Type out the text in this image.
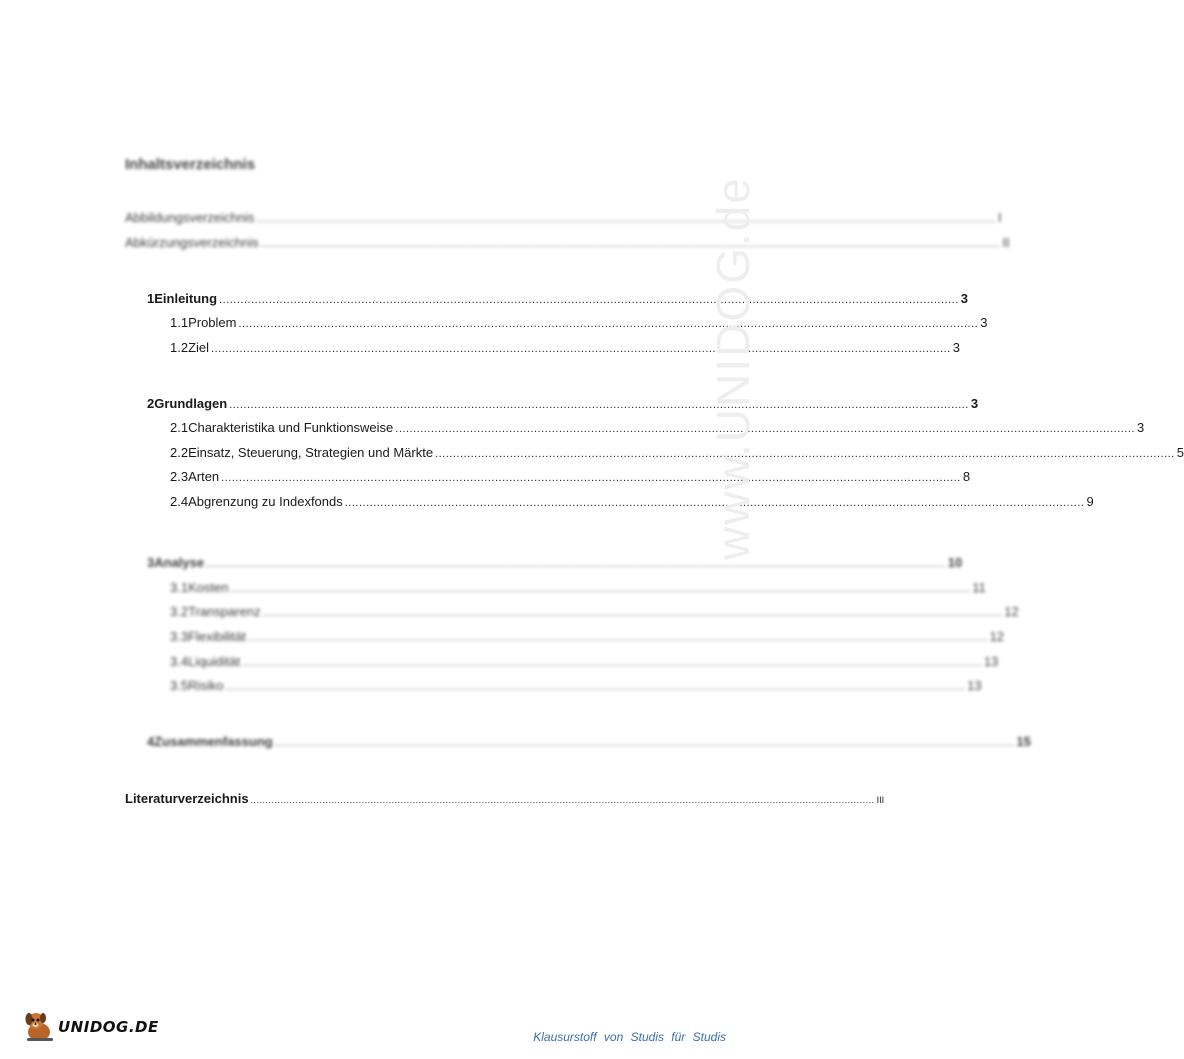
Inhaltsverzeichnis
Abbildungsverzeichnis .....	I
Abkürzungsverzeichnis .....	II
1 Einleitung .....	3
1.1 Problem .....	3
1.2 Ziel .....	3
2 Grundlagen .....	3
2.1 Charakteristika und Funktionsweise .....	3
2.2 Einsatz, Steuerung, Strategien und Märkte .....	5
2.3 Arten .....	8
2.4 Abgrenzung zu Indexfonds .....	9
3 Analyse .....	10
3.1 Kosten .....	11
3.2 Transparenz .....	12
3.3 Flexibilität .....	12
3.4 Liquidität .....	13
3.5 Risiko .....	13
4 Zusammenfassung .....	15
Literaturverzeichnis .....	III
www.UNIDOG.de
UNIDOG.DE
Klausurstoff von Studis für Studis
